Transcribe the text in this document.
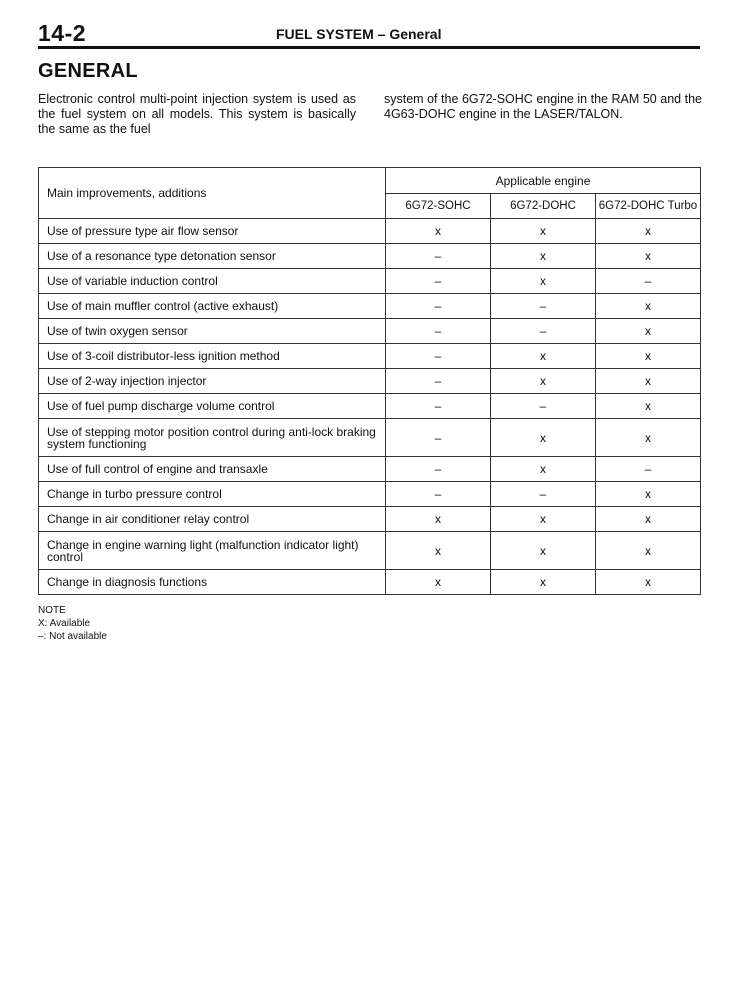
14-2	FUEL SYSTEM – General
GENERAL
Electronic control multi-point injection system is used as the fuel system on all models. This system is basically the same as the fuel
system of the 6G72-SOHC engine in the RAM 50 and the 4G63-DOHC engine in the LASER/TALON.
Main improvements, additions	Applicable engine		
	6G72-SOHC	6G72-DOHC	6G72-DOHC Turbo
Use of pressure type air flow sensor	x	x	x
Use of a resonance type detonation sensor	–	x	x
Use of variable induction control	–	x	–
Use of main muffler control (active exhaust)	–	–	x
Use of twin oxygen sensor	–	–	x
Use of 3-coil distributor-less ignition method	–	x	x
Use of 2-way injection injector	–	x	x
Use of fuel pump discharge volume control	–	–	x
Use of stepping motor position control during anti-lock braking system functioning	–	x	x
Use of full control of engine and transaxle	–	x	–
Change in turbo pressure control	–	–	x
Change in air conditioner relay control	x	x	x
Change in engine warning light (malfunction indicator light) control	x	x	x
Change in diagnosis functions	x	x	x
NOTE
X: Available
–: Not available
